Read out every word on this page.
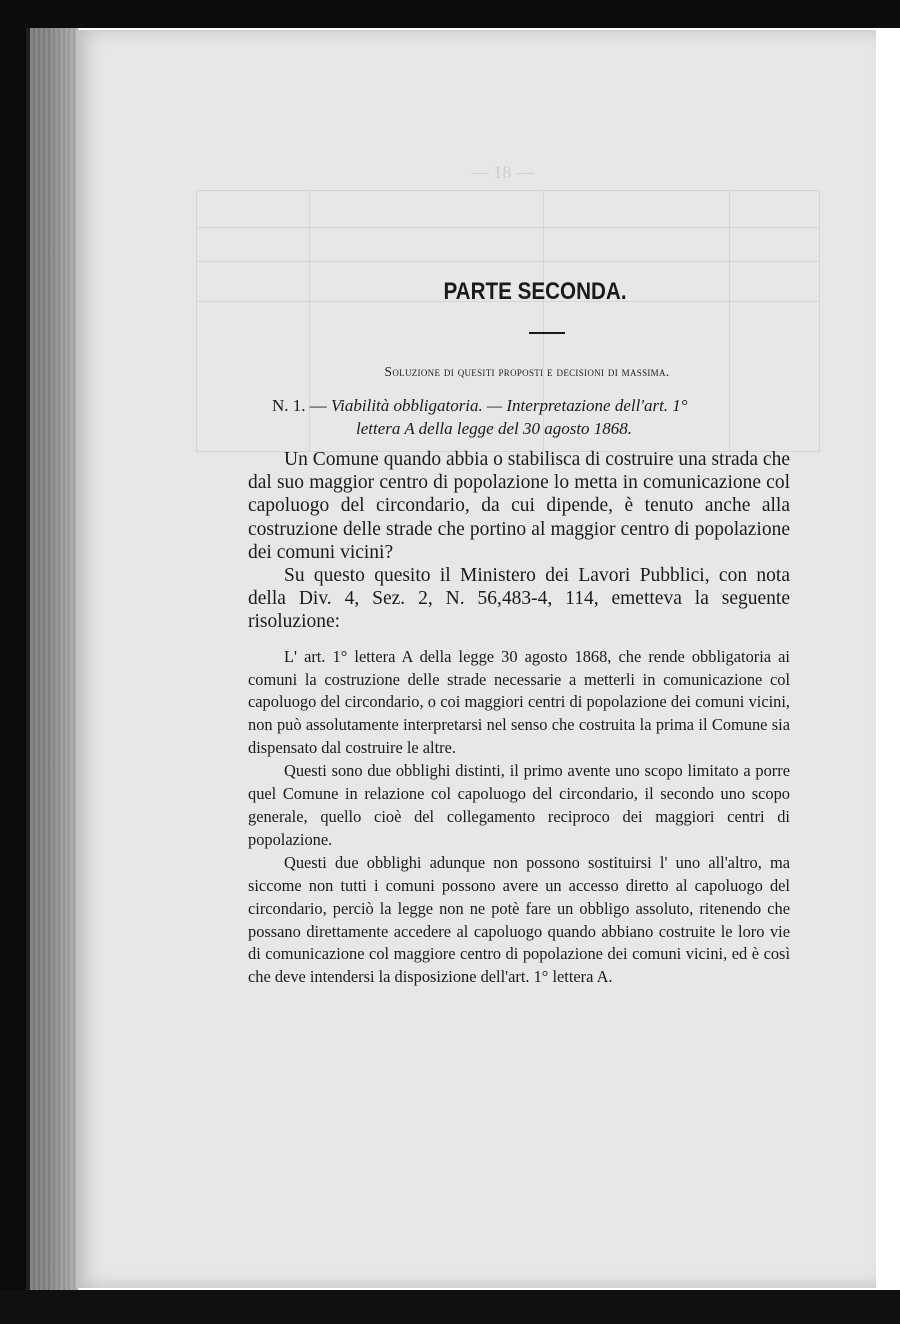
— 18 —
PARTE SECONDA.
Soluzione di quesiti proposti e decisioni di massima.
N. 1. — Viabilità obbligatoria. — Interpretazione dell'art. 1°
lettera A della legge del 30 agosto 1868.

Un Comune quando abbia o stabilisca di costruire una strada che dal suo maggior centro di popolazione lo metta in comunicazione col capoluogo del circondario, da cui dipende, è tenuto anche alla costruzione delle strade che portino al maggior centro di popolazione dei comuni vicini?

Su questo quesito il Ministero dei Lavori Pubblici, con nota della Div. 4, Sez. 2, N. 56,483-4, 114, emetteva la seguente risoluzione:

L' art. 1° lettera A della legge 30 agosto 1868, che rende obbligatoria ai comuni la costruzione delle strade necessarie a metterli in comunicazione col capoluogo del circondario, o coi maggiori centri di popolazione dei comuni vicini, non può assolutamente interpretarsi nel senso che costruita la prima il Comune sia dispensato dal costruire le altre.

Questi sono due obblighi distinti, il primo avente uno scopo limitato a porre quel Comune in relazione col capoluogo del circondario, il secondo uno scopo generale, quello cioè del collegamento reciproco dei maggiori centri di popolazione.

Questi due obblighi adunque non possono sostituirsi l' uno all'altro, ma siccome non tutti i comuni possono avere un accesso diretto al capoluogo del circondario, perciò la legge non ne potè fare un obbligo assoluto, ritenendo che possano direttamente accedere al capoluogo quando abbiano costruite le loro vie di comunicazione col maggiore centro di popolazione dei comuni vicini, ed è così che deve intendersi la disposizione dell'art. 1° lettera A.
